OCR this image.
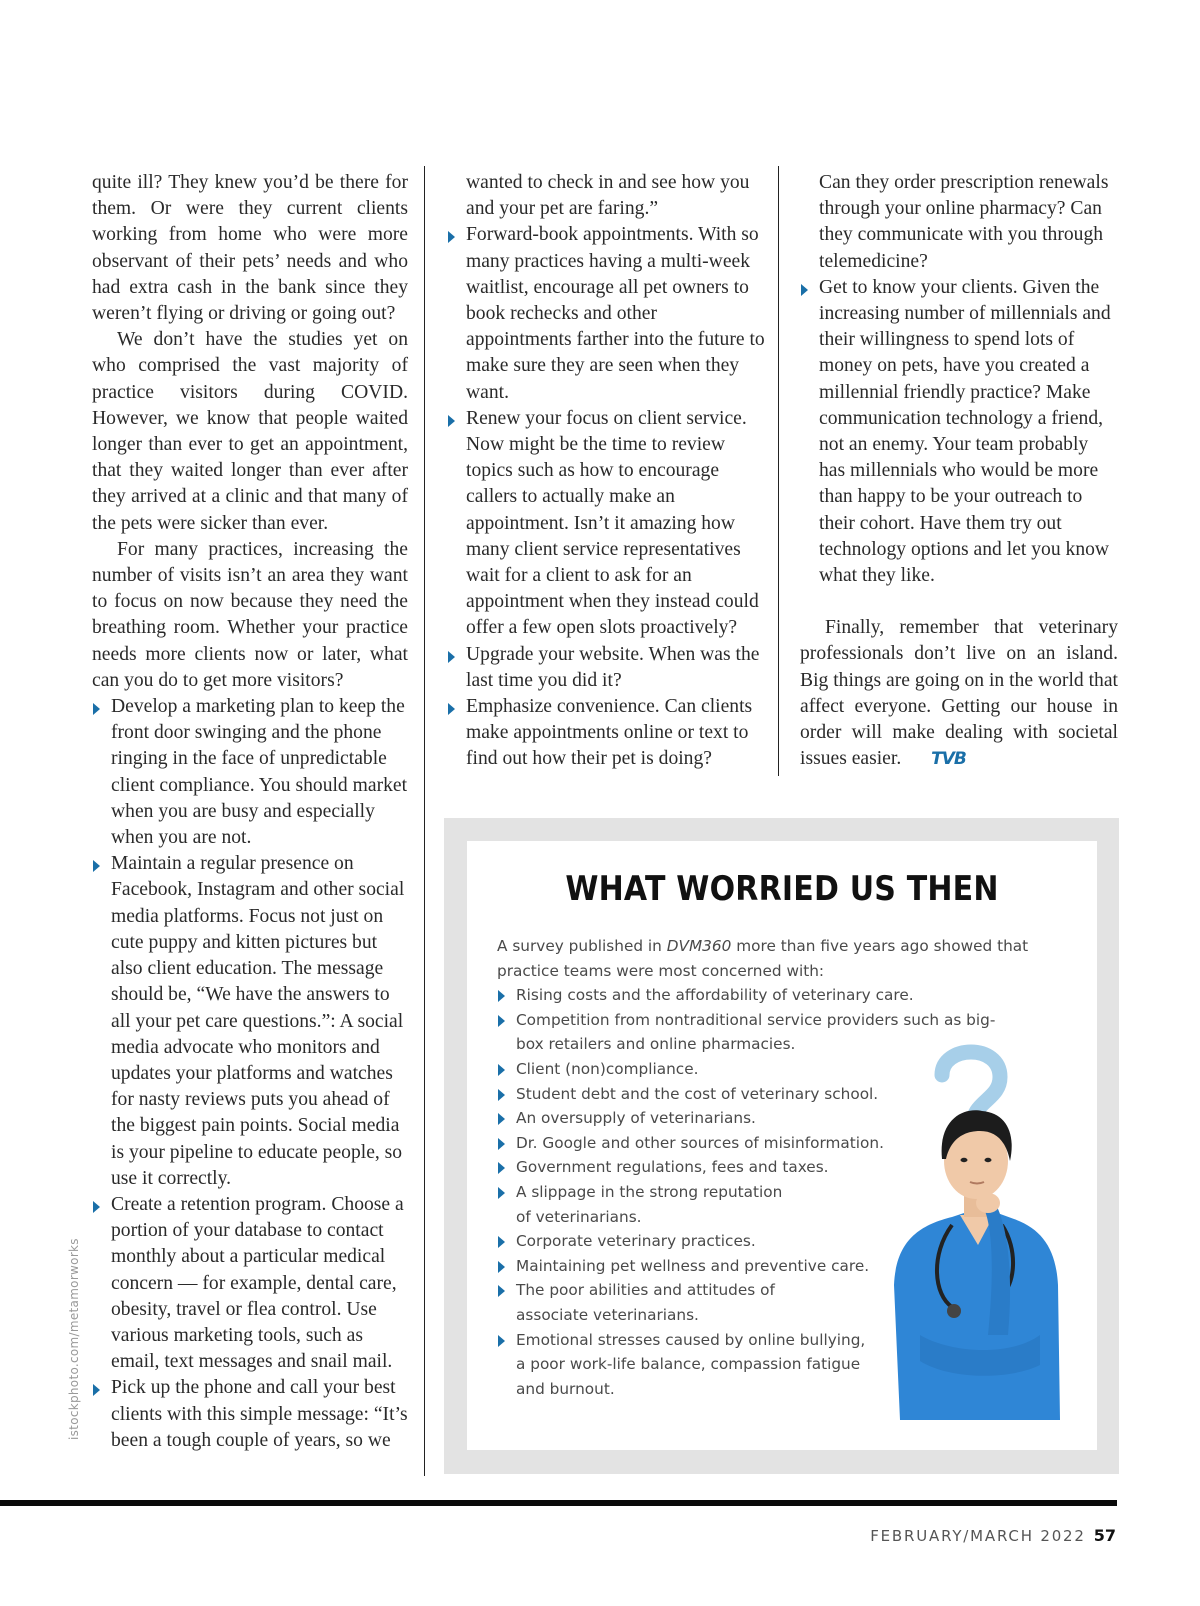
quite ill? They knew you’d be there for them. Or were they current clients working from home who were more observant of their pets’ needs and who had extra cash in the bank since they weren’t flying or driving or going out?

We don’t have the studies yet on who comprised the vast majority of practice visitors during COVID. However, we know that people waited longer than ever to get an appointment, that they waited longer than ever after they arrived at a clinic and that many of the pets were sicker than ever.

For many practices, increasing the number of visits isn’t an area they want to focus on now because they need the breathing room. Whether your practice needs more clients now or later, what can you do to get more visitors?

Develop a marketing plan to keep the front door swinging and the phone ringing in the face of unpredictable client compliance. You should market when you are busy and especially when you are not.
Maintain a regular presence on Facebook, Instagram and other social media platforms. Focus not just on cute puppy and kitten pictures but also client education. The message should be, “We have the answers to all your pet care questions.”: A social media advocate who monitors and updates your platforms and watches for nasty reviews puts you ahead of the biggest pain points. Social media is your pipeline to educate people, so use it correctly.
Create a retention program. Choose a portion of your database to contact monthly about a particular medical concern — for example, dental care, obesity, travel or flea control. Use various marketing tools, such as email, text messages and snail mail.
Pick up the phone and call your best clients with this simple message: “It’s been a tough couple of years, so we

wanted to check in and see how you and your pet are faring.”

Forward-book appointments. With so many practices having a multi-week waitlist, encourage all pet owners to book rechecks and other appointments farther into the future to make sure they are seen when they want.
Renew your focus on client service. Now might be the time to review topics such as how to encourage callers to actually make an appointment. Isn’t it amazing how many client service representatives wait for a client to ask for an appointment when they instead could offer a few open slots proactively?
Upgrade your website. When was the last time you did it?
Emphasize convenience. Can clients make appointments online or text to find out how their pet is doing?

Can they order prescription renewals through your online pharmacy? Can they communicate with you through telemedicine?

Get to know your clients. Given the increasing number of millennials and their willingness to spend lots of money on pets, have you created a millennial friendly practice? Make communication technology a friend, not an enemy. Your team probably has millennials who would be more than happy to be your outreach to their cohort. Have them try out technology options and let you know what they like.

Finally, remember that veterinary professionals don’t live on an island. Big things are going on in the world that affect everyone. Getting our house in order will make dealing with societal issues easier. TVB

istockphoto.com/metamorworks
WHAT WORRIED US THEN

A survey published in DVM360 more than five years ago showed that practice teams were most concerned with:

Rising costs and the affordability of veterinary care.
Competition from nontraditional service providers such as big-box retailers and online pharmacies.
Client (non)compliance.
Student debt and the cost of veterinary school.
An oversupply of veterinarians.
Dr. Google and other sources of misinformation.
Government regulations, fees and taxes.
A slippage in the strong reputation of veterinarians.
Corporate veterinary practices.
Maintaining pet wellness and preventive care.
The poor abilities and attitudes of associate veterinarians.
Emotional stresses caused by online bullying, a poor work-life balance, compassion fatigue and burnout.
FEBRUARY/MARCH 2022 57
